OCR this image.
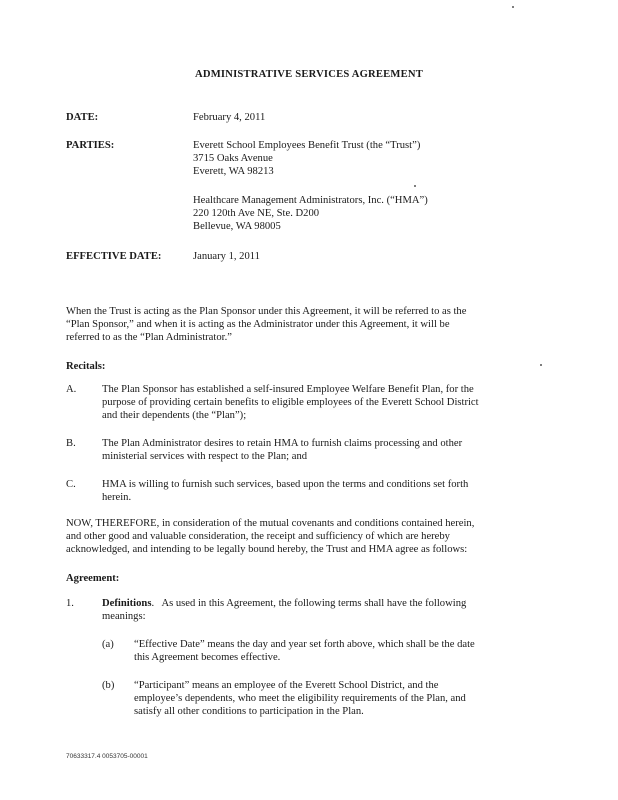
ADMINISTRATIVE SERVICES AGREEMENT
DATE:	February 4, 2011
PARTIES:	Everett School Employees Benefit Trust (the “Trust”)
3715 Oaks Avenue
Everett, WA 98213
Healthcare Management Administrators, Inc. (“HMA”)
220 120th Ave NE, Ste. D200
Bellevue, WA 98005
EFFECTIVE DATE:	January 1, 2011
When the Trust is acting as the Plan Sponsor under this Agreement, it will be referred to as the
“Plan Sponsor,” and when it is acting as the Administrator under this Agreement, it will be
referred to as the “Plan Administrator.”
Recitals:
A. The Plan Sponsor has established a self-insured Employee Welfare Benefit Plan, for the
purpose of providing certain benefits to eligible employees of the Everett School District
and their dependents (the “Plan”);
B. The Plan Administrator desires to retain HMA to furnish claims processing and other
ministerial services with respect to the Plan; and
C. HMA is willing to furnish such services, based upon the terms and conditions set forth
herein.
NOW, THEREFORE, in consideration of the mutual covenants and conditions contained herein,
and other good and valuable consideration, the receipt and sufficiency of which are hereby
acknowledged, and intending to be legally bound hereby, the Trust and HMA agree as follows:
Agreement:
1.	Definitions.   As used in this Agreement, the following terms shall have the following
meanings:
(a) “Effective Date” means the day and year set forth above, which shall be the date
this Agreement becomes effective.
(b) “Participant” means an employee of the Everett School District, and the
employee’s dependents, who meet the eligibility requirements of the Plan, and
satisfy all other conditions to participation in the Plan.
70633317.4 0053705-00001
